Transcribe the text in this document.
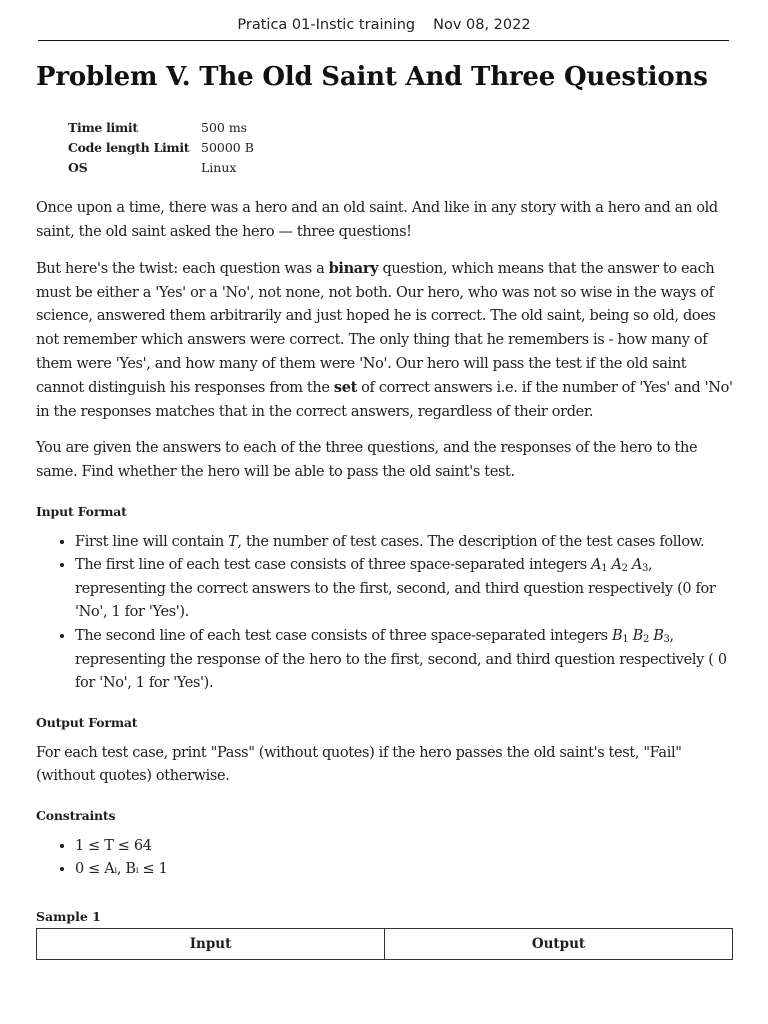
Pratica 01-Instic training Nov 08, 2022
Problem V. The Old Saint And Three Questions
Time limit	500 ms
Code length Limit	50000 B
OS	Linux

Once upon a time, there was a hero and an old saint. And like in any story with a hero and an old saint, the old saint asked the hero — three questions!

But here's the twist: each question was a binary question, which means that the answer to each must be either a 'Yes' or a 'No', not none, not both. Our hero, who was not so wise in the ways of science, answered them arbitrarily and just hoped he is correct. The old saint, being so old, does not remember which answers were correct. The only thing that he remembers is - how many of them were 'Yes', and how many of them were 'No'. Our hero will pass the test if the old saint cannot distinguish his responses from the set of correct answers i.e. if the number of 'Yes' and 'No' in the responses matches that in the correct answers, regardless of their order.

You are given the answers to each of the three questions, and the responses of the hero to the same. Find whether the hero will be able to pass the old saint's test.

Input Format
• First line will contain T, the number of test cases. The description of the test cases follow.
• The first line of each test case consists of three space-separated integers $A_1$ $A_2$ $A_3$, representing the correct answers to the first, second, and third question respectively (0 for 'No', 1 for 'Yes').
• The second line of each test case consists of three space-separated integers $B_1$ $B_2$ $B_3$, representing the response of the hero to the first, second, and third question respectively ( 0 for 'No', 1 for 'Yes').
Output Format

For each test case, print "Pass" (without quotes) if the hero passes the old saint's test, "Fail" (without quotes) otherwise.

Constraints
• 1 ≤ T ≤ 64
• 0 ≤ Aᵢ, Bᵢ ≤ 1
Sample 1
Input	Output
